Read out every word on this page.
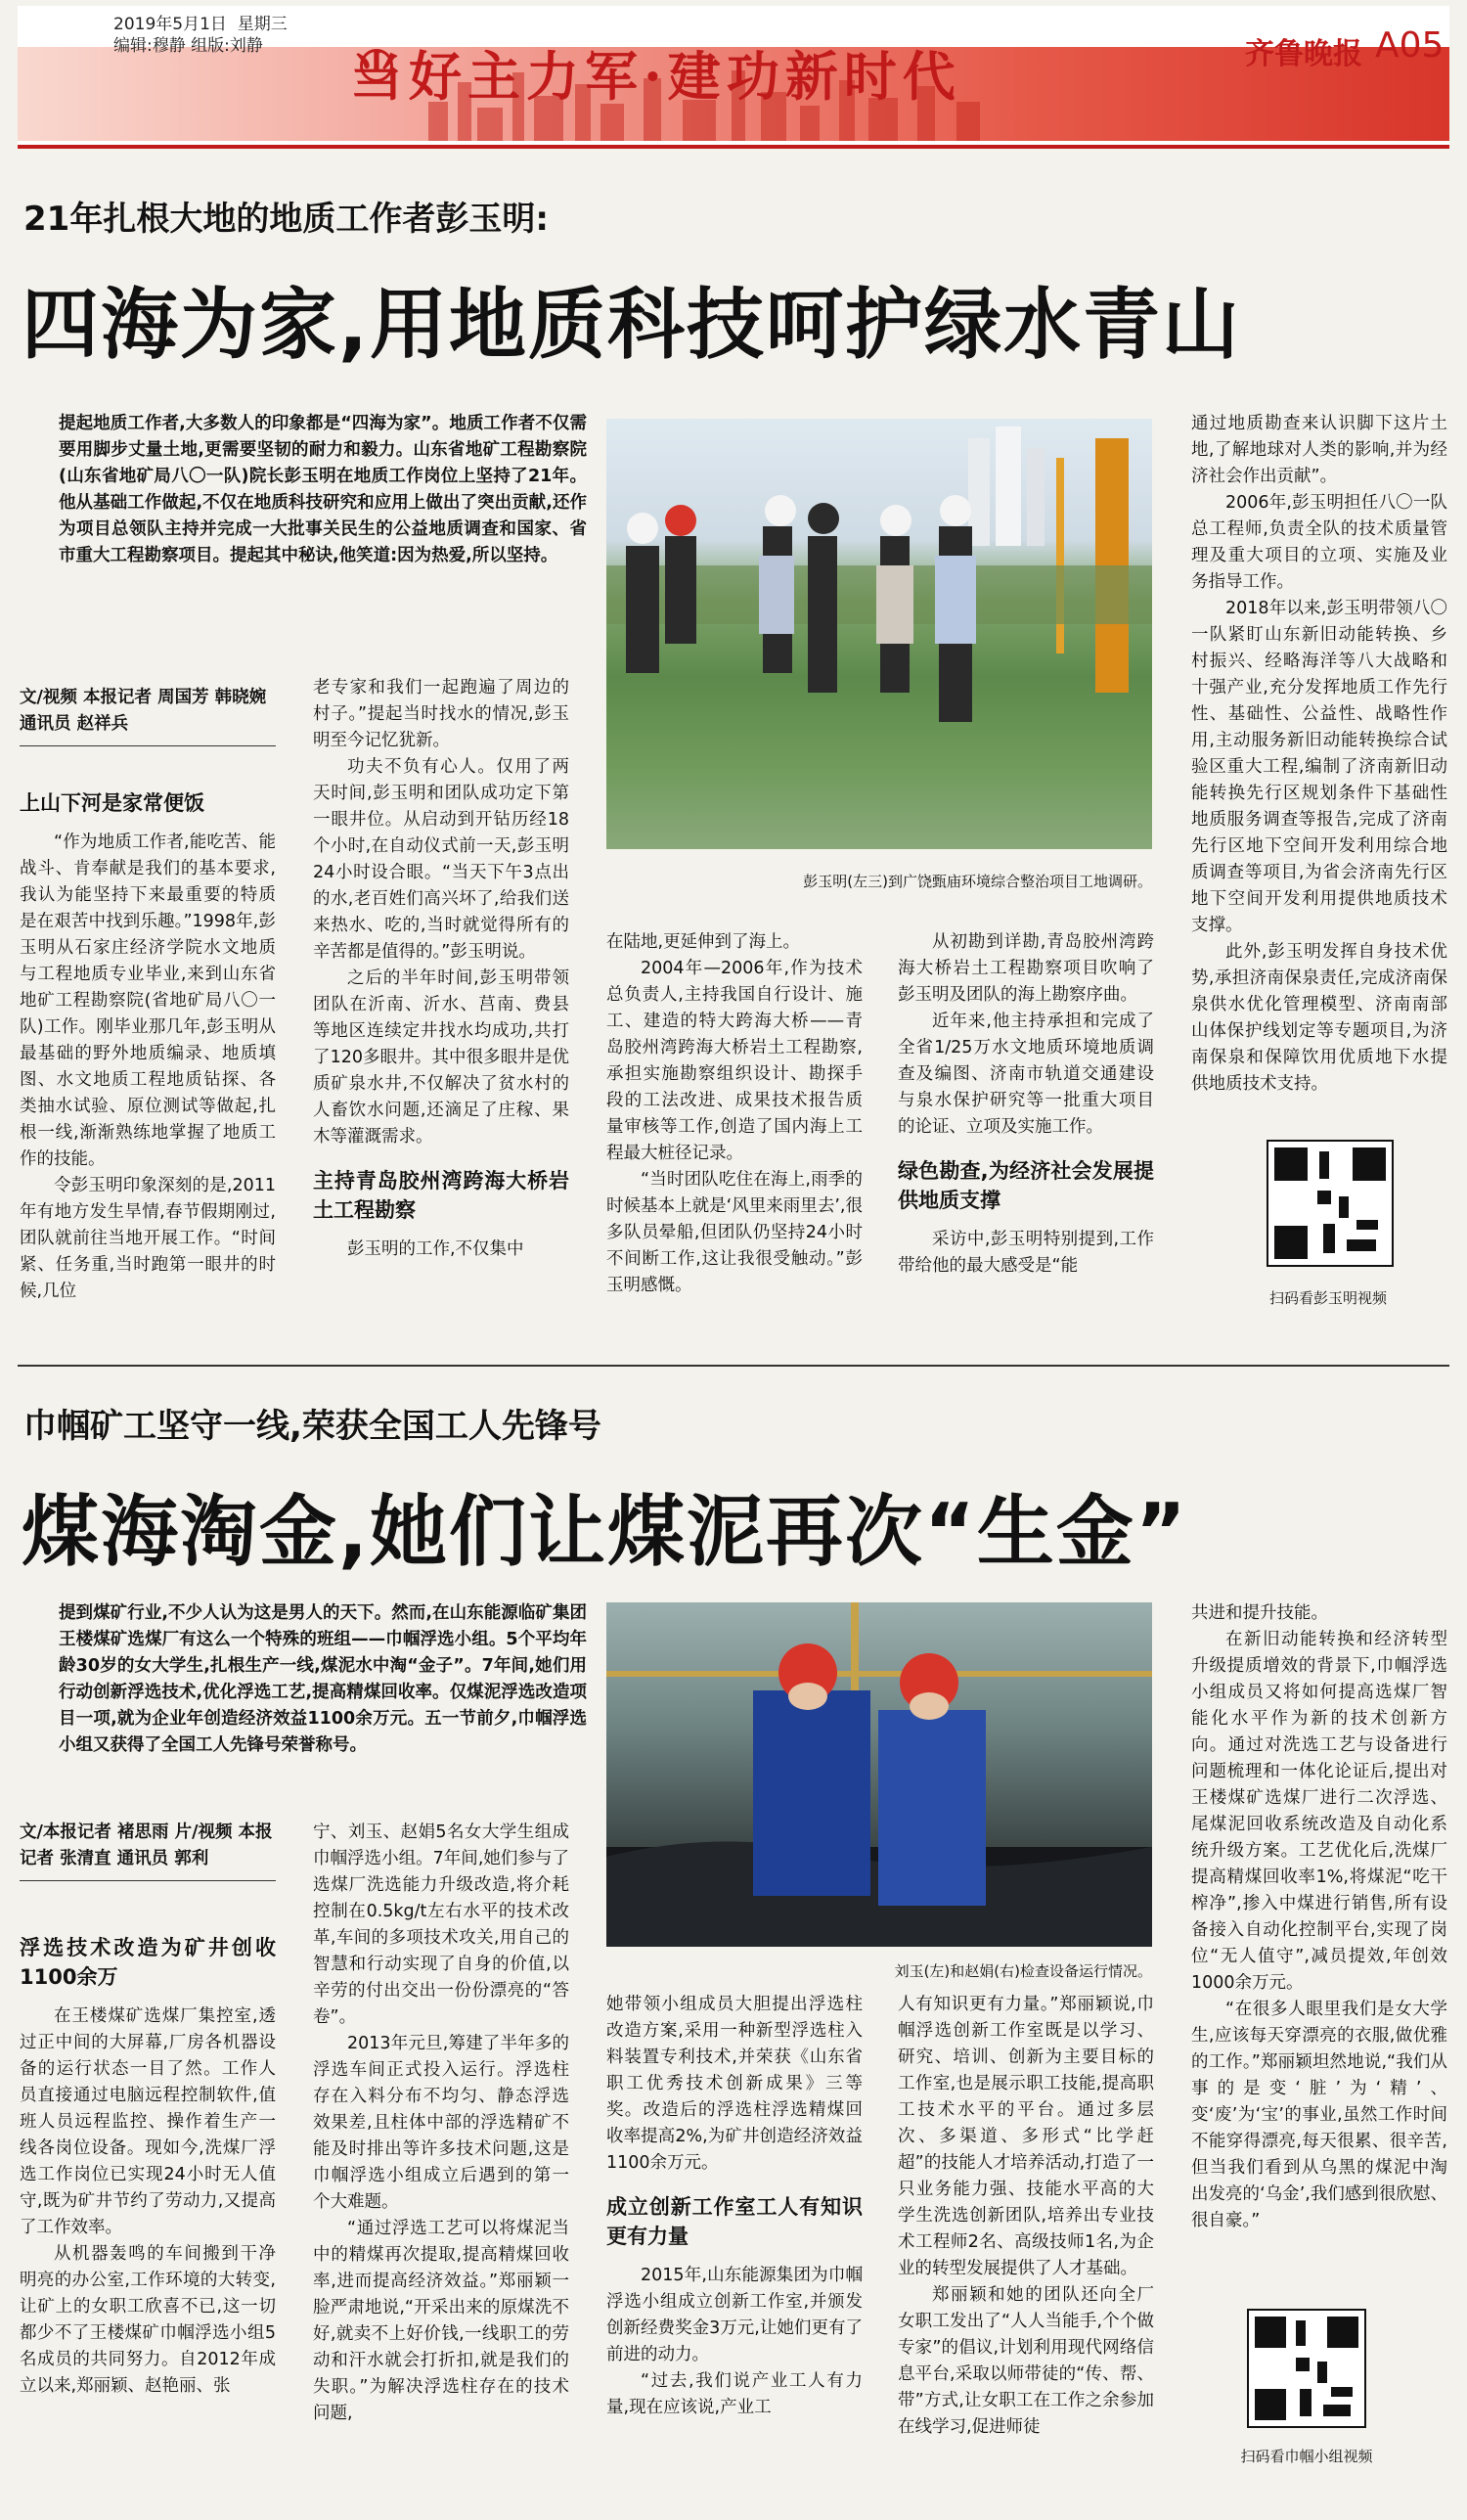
2019年5月1日 星期三
编辑:穆静 组版:刘静	当好主力军·建功新时代	齐鲁晚报 A05
21年扎根大地的地质工作者彭玉明:
四海为家,用地质科技呵护绿水青山
提起地质工作者,大多数人的印象都是“四海为家”。地质工作者不仅需要用脚步丈量土地,更需要坚韧的耐力和毅力。山东省地矿工程勘察院(山东省地矿局八〇一队)院长彭玉明在地质工作岗位上坚持了21年。他从基础工作做起,不仅在地质科技研究和应用上做出了突出贡献,还作为项目总领队主持并完成一大批事关民生的公益地质调查和国家、省市重大工程勘察项目。提起其中秘诀,他笑道:因为热爱,所以坚持。
彭玉明(左三)到广饶甄庙环境综合整治项目工地调研。
文/视频 本报记者 周国芳 韩晓婉 通讯员 赵祥兵
上山下河是家常便饭

“作为地质工作者,能吃苦、能战斗、肯奉献是我们的基本要求,我认为能坚持下来最重要的特质是在艰苦中找到乐趣。”1998年,彭玉明从石家庄经济学院水文地质与工程地质专业毕业,来到山东省地矿工程勘察院(省地矿局八〇一队)工作。刚毕业那几年,彭玉明从最基础的野外地质编录、地质填图、水文地质工程地质钻探、各类抽水试验、原位测试等做起,扎根一线,渐渐熟练地掌握了地质工作的技能。

令彭玉明印象深刻的是,2011年有地方发生旱情,春节假期刚过,团队就前往当地开展工作。“时间紧、任务重,当时跑第一眼井的时候,几位

老专家和我们一起跑遍了周边的村子。”提起当时找水的情况,彭玉明至今记忆犹新。

功夫不负有心人。仅用了两天时间,彭玉明和团队成功定下第一眼井位。从启动到开钻历经18个小时,在自动仪式前一天,彭玉明24小时设合眼。“当天下午3点出的水,老百姓们高兴坏了,给我们送来热水、吃的,当时就觉得所有的辛苦都是值得的。”彭玉明说。

之后的半年时间,彭玉明带领团队在沂南、沂水、莒南、费县等地区连续定井找水均成功,共打了120多眼井。其中很多眼井是优质矿泉水井,不仅解决了贫水村的人畜饮水问题,还滴足了庄稼、果木等灌溉需求。

主持青岛胶州湾跨海大桥岩土工程勘察

彭玉明的工作,不仅集中

在陆地,更延伸到了海上。

2004年—2006年,作为技术总负责人,主持我国自行设计、施工、建造的特大跨海大桥——青岛胶州湾跨海大桥岩土工程勘察,承担实施勘察组织设计、勘探手段的工法改进、成果技术报告质量审核等工作,创造了国内海上工程最大桩径记录。

“当时团队吃住在海上,雨季的时候基本上就是‘风里来雨里去’,很多队员晕船,但团队仍坚持24小时不间断工作,这让我很受触动。”彭玉明感慨。

从初勘到详勘,青岛胶州湾跨海大桥岩土工程勘察项目吹响了彭玉明及团队的海上勘察序曲。

近年来,他主持承担和完成了全省1/25万水文地质环境地质调查及编图、济南市轨道交通建设与泉水保护研究等一批重大项目的论证、立项及实施工作。

绿色勘查,为经济社会发展提供地质支撑

采访中,彭玉明特别提到,工作带给他的最大感受是“能

通过地质勘查来认识脚下这片土地,了解地球对人类的影响,并为经济社会作出贡献”。

2006年,彭玉明担任八〇一队总工程师,负责全队的技术质量管理及重大项目的立项、实施及业务指导工作。

2018年以来,彭玉明带领八〇一队紧盯山东新旧动能转换、乡村振兴、经略海洋等八大战略和十强产业,充分发挥地质工作先行性、基础性、公益性、战略性作用,主动服务新旧动能转换综合试验区重大工程,编制了济南新旧动能转换先行区规划条件下基础性地质服务调查等报告,完成了济南先行区地下空间开发利用综合地质调查等项目,为省会济南先行区地下空间开发利用提供地质技术支撑。

此外,彭玉明发挥自身技术优势,承担济南保泉责任,完成济南保泉供水优化管理模型、济南南部山体保护线划定等专题项目,为济南保泉和保障饮用优质地下水提供地质技术支持。

扫码看彭玉明视频
巾帼矿工坚守一线,荣获全国工人先锋号
煤海淘金,她们让煤泥再次“生金”
提到煤矿行业,不少人认为这是男人的天下。然而,在山东能源临矿集团王楼煤矿选煤厂有这么一个特殊的班组——巾帼浮选小组。5个平均年龄30岁的女大学生,扎根生产一线,煤泥水中淘“金子”。7年间,她们用行动创新浮选技术,优化浮选工艺,提高精煤回收率。仅煤泥浮选改造项目一项,就为企业年创造经济效益1100余万元。五一节前夕,巾帼浮选小组又获得了全国工人先锋号荣誉称号。
刘玉(左)和赵娟(右)检查设备运行情况。
文/本报记者 褚思雨 片/视频 本报记者 张清直 通讯员 郭利
浮选技术改造为矿井创收1100余万

在王楼煤矿选煤厂集控室,透过正中间的大屏幕,厂房各机器设备的运行状态一目了然。工作人员直接通过电脑远程控制软件,值班人员远程监控、操作着生产一线各岗位设备。现如今,洗煤厂浮选工作岗位已实现24小时无人值守,既为矿井节约了劳动力,又提高了工作效率。

从机器轰鸣的车间搬到干净明亮的办公室,工作环境的大转变,让矿上的女职工欣喜不已,这一切都少不了王楼煤矿巾帼浮选小组5名成员的共同努力。自2012年成立以来,郑丽颖、赵艳丽、张

宁、刘玉、赵娟5名女大学生组成巾帼浮选小组。7年间,她们参与了选煤厂洗选能力升级改造,将介耗控制在0.5kg/t左右水平的技术改革,车间的多项技术攻关,用自己的智慧和行动实现了自身的价值,以辛劳的付出交出一份份漂亮的“答卷”。

2013年元旦,筹建了半年多的浮选车间正式投入运行。浮选柱存在入料分布不均匀、静态浮选效果差,且柱体中部的浮选精矿不能及时排出等许多技术问题,这是巾帼浮选小组成立后遇到的第一个大难题。

“通过浮选工艺可以将煤泥当中的精煤再次提取,提高精煤回收率,进而提高经济效益。”郑丽颖一脸严肃地说,“开采出来的原煤洗不好,就卖不上好价钱,一线职工的劳动和汗水就会打折扣,就是我们的失职。”为解决浮选柱存在的技术问题,

她带领小组成员大胆提出浮选柱改造方案,采用一种新型浮选柱入料装置专利技术,并荣获《山东省职工优秀技术创新成果》三等奖。改造后的浮选柱浮选精煤回收率提高2%,为矿井创造经济效益1100余万元。

成立创新工作室工人有知识更有力量

2015年,山东能源集团为巾帼浮选小组成立创新工作室,并颁发创新经费奖金3万元,让她们更有了前进的动力。

“过去,我们说产业工人有力量,现在应该说,产业工

人有知识更有力量。”郑丽颖说,巾帼浮选创新工作室既是以学习、研究、培训、创新为主要目标的工作室,也是展示职工技能,提高职工技术水平的平台。通过多层次、多渠道、多形式“比学赶超”的技能人才培养活动,打造了一只业务能力强、技能水平高的大学生洗选创新团队,培养出专业技术工程师2名、高级技师1名,为企业的转型发展提供了人才基础。

郑丽颖和她的团队还向全厂女职工发出了“人人当能手,个个做专家”的倡议,计划利用现代网络信息平台,采取以师带徒的“传、帮、带”方式,让女职工在工作之余参加在线学习,促进师徒

共进和提升技能。

在新旧动能转换和经济转型升级提质增效的背景下,巾帼浮选小组成员又将如何提高选煤厂智能化水平作为新的技术创新方向。通过对洗选工艺与设备进行问题梳理和一体化论证后,提出对王楼煤矿选煤厂进行二次浮选、尾煤泥回收系统改造及自动化系统升级方案。工艺优化后,洗煤厂提高精煤回收率1%,将煤泥“吃干榨净”,掺入中煤进行销售,所有设备接入自动化控制平台,实现了岗位“无人值守”,减员提效,年创效1000余万元。

“在很多人眼里我们是女大学生,应该每天穿漂亮的衣服,做优雅的工作。”郑丽颖坦然地说,“我们从事的是变‘脏’为‘精’、变‘废’为‘宝’的事业,虽然工作时间不能穿得漂亮,每天很累、很辛苦,但当我们看到从乌黑的煤泥中淘出发亮的‘乌金’,我们感到很欣慰、很自豪。”

扫码看巾帼小组视频
